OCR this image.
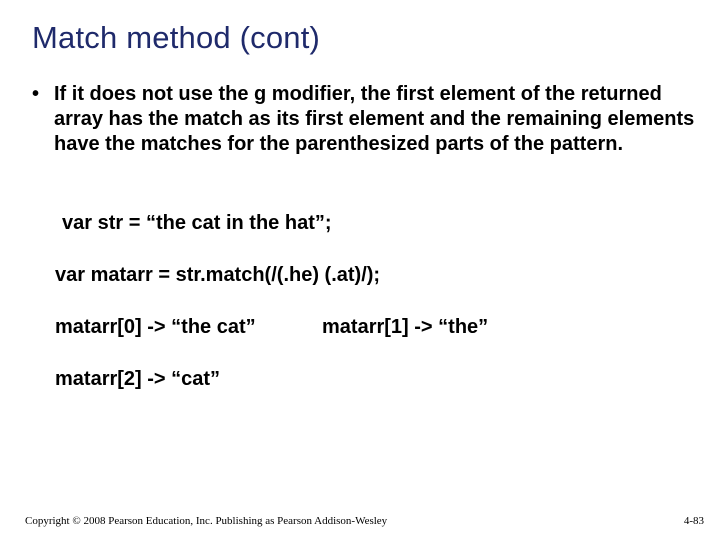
Match method (cont)
• If it does not use the g modifier, the first element of the returned array has the match as its first element and the remaining elements have the matches for the parenthesized parts of the pattern.
var str = “the cat in the hat”;
var matarr = str.match(/(.he) (.at)/);
matarr[0] -> “the cat”	matarr[1] -> “the”
matarr[2] -> “cat”
Copyright © 2008 Pearson Education, Inc. Publishing as Pearson Addison-Wesley	4-83
